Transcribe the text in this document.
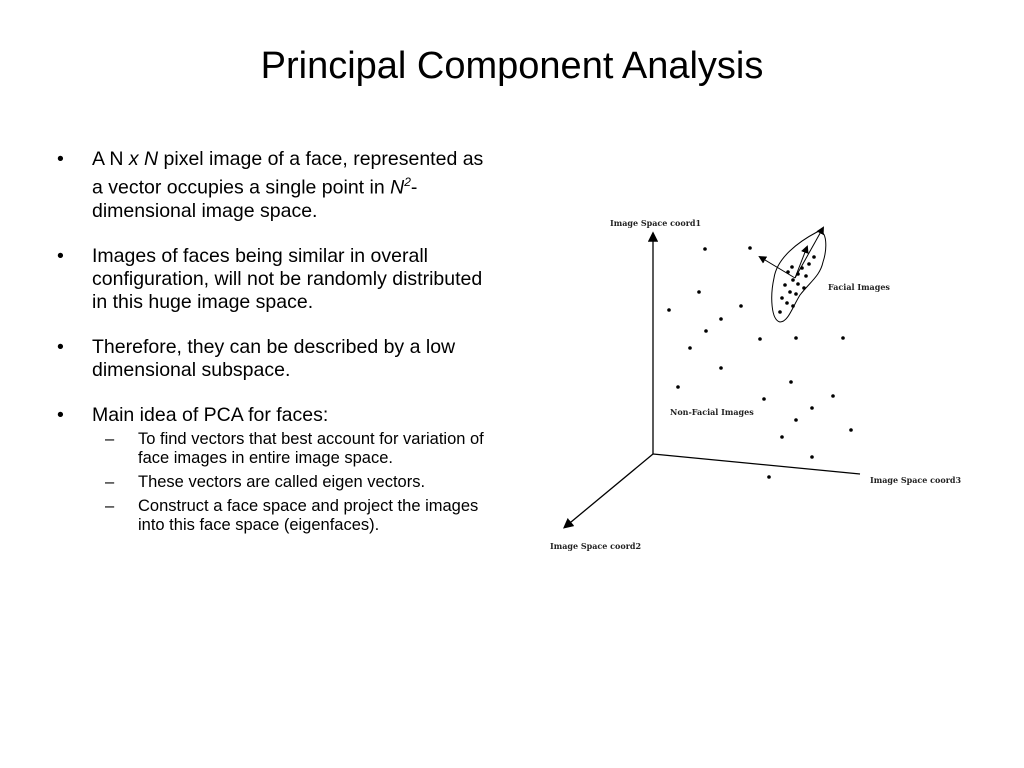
Principal Component Analysis
• A N x N pixel image of a face, represented as a vector occupies a single point in $N^2$-dimensional image space.
• Images of faces being similar in overall configuration, will not be randomly distributed in this huge image space.
• Therefore, they can be described by a low dimensional subspace.
• Main idea of PCA for faces:
– To find vectors that best account for variation of face images in entire image space.
– These vectors are called eigen vectors.
– Construct a face space and project the images into this face space (eigenfaces).
Image Space coord1
Image Space coord3
Image Space coord2
Facial Images
Non-Facial Images
